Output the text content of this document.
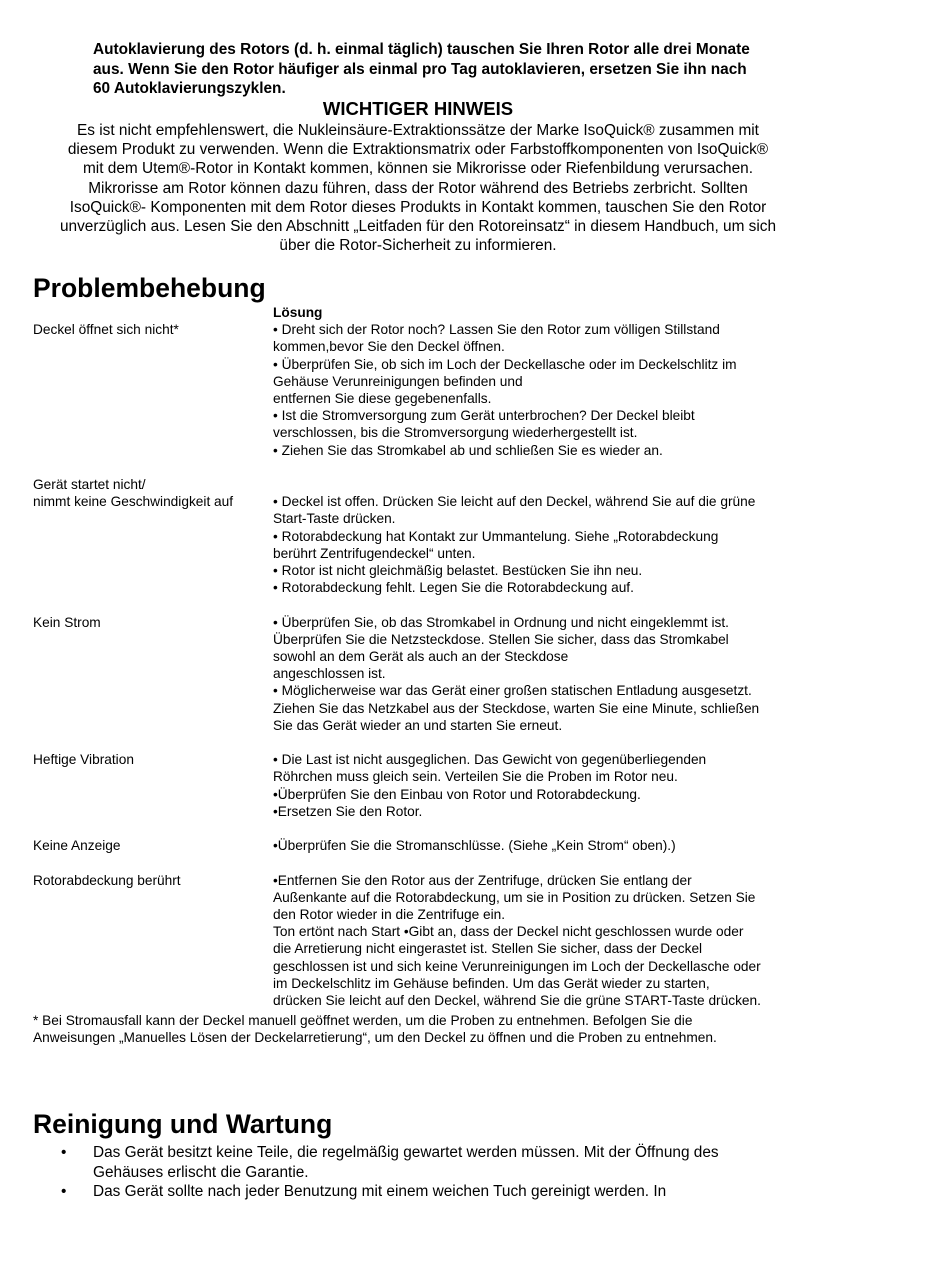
Autoklavierung des Rotors (d. h. einmal täglich) tauschen Sie Ihren Rotor alle drei Monate

aus. Wenn Sie den Rotor häufiger als einmal pro Tag autoklavieren, ersetzen Sie ihn nach

60 Autoklavierungszyklen.

WICHTIGER HINWEIS
Es ist nicht empfehlenswert, die Nukleinsäure-Extraktionssätze der Marke IsoQuick® zusammen mit
diesem Produkt zu verwenden. Wenn die Extraktionsmatrix oder Farbstoffkomponenten von IsoQuick®
mit dem Utem®-Rotor in Kontakt kommen, können sie Mikrorisse oder Riefenbildung verursachen.
Mikrorisse am Rotor können dazu führen, dass der Rotor während des Betriebs zerbricht. Sollten
IsoQuick®- Komponenten mit dem Rotor dieses Produkts in Kontakt kommen, tauschen Sie den Rotor
unverzüglich aus. Lesen Sie den Abschnitt „Leitfaden für den Rotoreinsatz“ in diesem Handbuch, um sich
über die Rotor-Sicherheit zu informieren.
Problembehebung
Lösung
Deckel öffnet sich nicht*	• Dreht sich der Rotor noch? Lassen Sie den Rotor zum völligen Stillstand
kommen,bevor Sie den Deckel öffnen.
• Überprüfen Sie, ob sich im Loch der Deckellasche oder im Deckelschlitz im
Gehäuse Verunreinigungen befinden und
entfernen Sie diese gegebenenfalls.
• Ist die Stromversorgung zum Gerät unterbrochen? Der Deckel bleibt
verschlossen, bis die Stromversorgung wiederhergestellt ist.
• Ziehen Sie das Stromkabel ab und schließen Sie es wieder an.
Gerät startet nicht/
nimmt keine Geschwindigkeit auf
	• Deckel ist offen. Drücken Sie leicht auf den Deckel, während Sie auf die grüne
Start-Taste drücken.
• Rotorabdeckung hat Kontakt zur Ummantelung. Siehe „Rotorabdeckung
berührt Zentrifugendeckel“ unten.
• Rotor ist nicht gleichmäßig belastet. Bestücken Sie ihn neu.
• Rotorabdeckung fehlt. Legen Sie die Rotorabdeckung auf.
Kein Strom	• Überprüfen Sie, ob das Stromkabel in Ordnung und nicht eingeklemmt ist.
Überprüfen Sie die Netzsteckdose. Stellen Sie sicher, dass das Stromkabel
sowohl an dem Gerät als auch an der Steckdose
angeschlossen ist.
• Möglicherweise war das Gerät einer großen statischen Entladung ausgesetzt.
Ziehen Sie das Netzkabel aus der Steckdose, warten Sie eine Minute, schließen
Sie das Gerät wieder an und starten Sie erneut.
Heftige Vibration	• Die Last ist nicht ausgeglichen. Das Gewicht von gegenüberliegenden
Röhrchen muss gleich sein. Verteilen Sie die Proben im Rotor neu.
•Überprüfen Sie den Einbau von Rotor und Rotorabdeckung.
•Ersetzen Sie den Rotor.
Keine Anzeige	•Überprüfen Sie die Stromanschlüsse. (Siehe „Kein Strom“ oben).)
Rotorabdeckung berührt	•Entfernen Sie den Rotor aus der Zentrifuge, drücken Sie entlang der
Außenkante auf die Rotorabdeckung, um sie in Position zu drücken. Setzen Sie
den Rotor wieder in die Zentrifuge ein.
Ton ertönt nach Start •Gibt an, dass der Deckel nicht geschlossen wurde oder
die Arretierung nicht eingerastet ist. Stellen Sie sicher, dass der Deckel
geschlossen ist und sich keine Verunreinigungen im Loch der Deckellasche oder
im Deckelschlitz im Gehäuse befinden. Um das Gerät wieder zu starten,
drücken Sie leicht auf den Deckel, während Sie die grüne START-Taste drücken.
* Bei Stromausfall kann der Deckel manuell geöffnet werden, um die Proben zu entnehmen. Befolgen Sie die
Anweisungen „Manuelles Lösen der Deckelarretierung“, um den Deckel zu öffnen und die Proben zu entnehmen.
Reinigung und Wartung
• Das Gerät besitzt keine Teile, die regelmäßig gewartet werden müssen. Mit der Öffnung des
Gehäuses erlischt die Garantie.
• Das Gerät sollte nach jeder Benutzung mit einem weichen Tuch gereinigt werden. In
